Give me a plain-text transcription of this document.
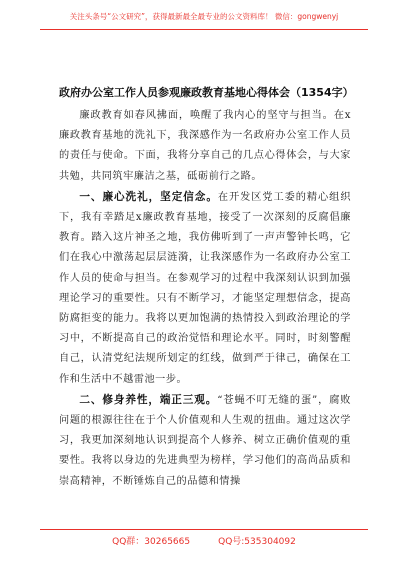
关注头条号“公文研究”，获得最新最全最专业的公文资料库！ 微信：gongwenyj
政府办公室工作人员参观廉政教育基地心得体会（1354字）

廉政教育如春风拂面，唤醒了我内心的坚守与担当。在x廉政教育基地的洗礼下，我深感作为一名政府办公室工作人员的责任与使命。下面，我将分享自己的几点心得体会，与大家共勉，共同筑牢廉洁之基，砥砺前行之路。

一、廉心洗礼，坚定信念。在开发区党工委的精心组织下，我有幸踏足x廉政教育基地，接受了一次深刻的反腐倡廉教育。踏入这片神圣之地，我仿佛听到了一声声警钟长鸣，它们在我心中激荡起层层涟漪，让我深感作为一名政府办公室工作人员的使命与担当。在参观学习的过程中我深刻认识到加强理论学习的重要性。只有不断学习，才能坚定理想信念，提高防腐拒变的能力。我将以更加饱满的热情投入到政治理论的学习中，不断提高自己的政治觉悟和理论水平。同时，时刻警醒自己，认清党纪法规所划定的红线，做到严于律己，确保在工作和生活中不越雷池一步。

二、修身养性，端正三观。“苍蝇不叮无缝的蛋”，腐败问题的根源往往在于个人价值观和人生观的扭曲。通过这次学习，我更加深刻地认识到提高个人修养、树立正确价值观的重要性。我将以身边的先进典型为榜样，学习他们的高尚品质和崇高精神，不断锤炼自己的品德和情操

QQ群：30265665	QQ号:535304092
